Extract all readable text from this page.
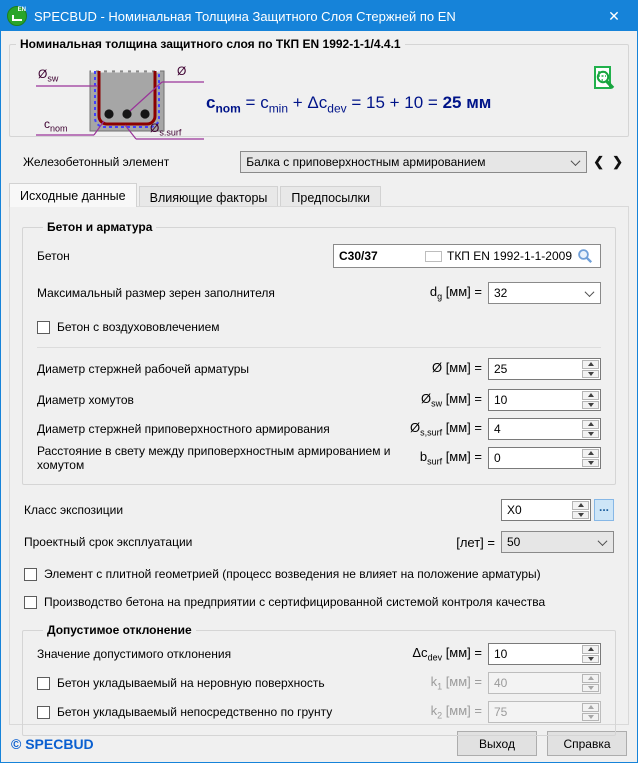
EN SPECBUD - Номинальная Толщина Защитного Слоя Стержней по EN	✕
Номинальная толщина защитного слоя по ТКП EN 1992-1-1/4.4.1
$Ø_{sw}$
Ø
$c_{nom}$	$Ø_{s.surf}$
$c_{nom} = c_{min} + \Delta c_{dev} = 15 + 10 = 25$ мм
Железобетонный элемент	Балка с приповерхностным армированием	❮ ❯
Исходные данные	Влияющие факторы	Предпосылки
Бетон и арматура
Бетон	C30/37	ТКП EN 1992-1-1-2009
Максимальный размер зерен заполнителя	$d_g$ [мм] = 32
Бетон с воздухововлечением
Диаметр стержней рабочей арматуры	Ø [мм] =	25
Диаметр хомутов	$Ø_{sw}$ [мм] =	10
Диаметр стержней приповерхностного армирования	$Ø_{s,surf}$ [мм] =	4
Расстояние в свету между приповерхностным армированием и хомутом
$b_{surf}$ [мм] =	0
Класс экспозиции	X0	...
Проектный срок эксплуатации	[лет] = 50
Элемент с плитной геометрией (процесс возведения не влияет на положение арматуры)
Производство бетона на предприятии с сертифицированной системой контроля качества
Допустимое отклонение
Значение допустимого отклонения	$\Delta c_{dev}$ [мм] =	10
Бетон укладываемый на неровную поверхность	$k_1$ [мм] =	40
Бетон укладываемый непосредственно по грунту	$k_2$ [мм] =	75
© SPECBUD	Выход	Справка
